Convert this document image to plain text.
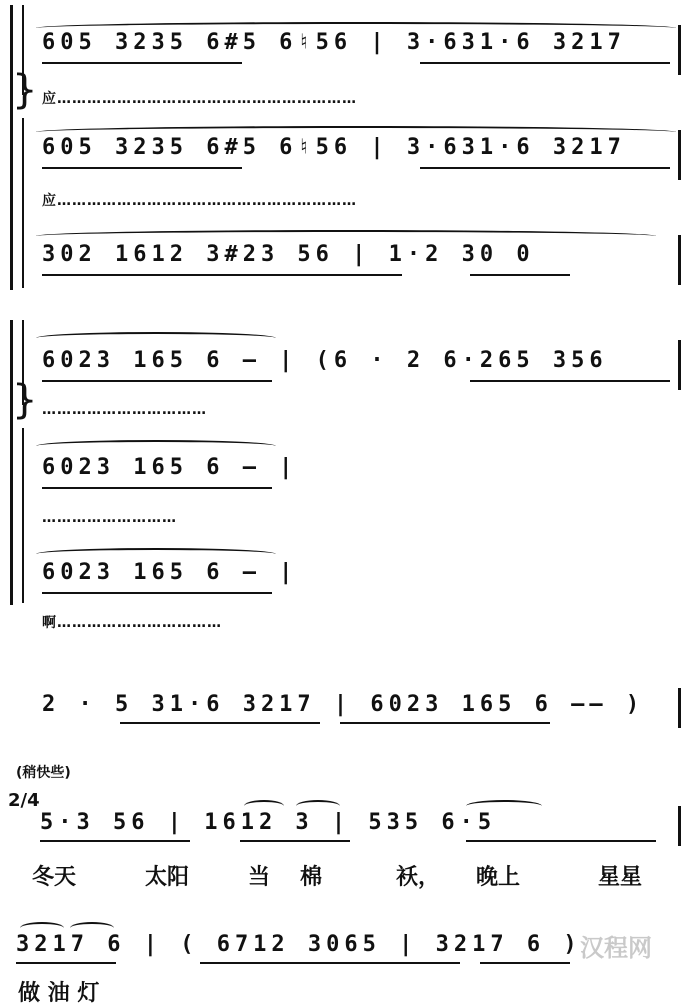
}
605 3235 6#5 6♮56 | 3·631·6 3217
应……………………………………………………
605 3235 6#5 6♮56 | 3·631·6 3217
应……………………………………………………
302 1612 3#23 56 | 1·2 30 0
}
6023 165 6 — | (6 · 2 6·265 356
……………………………
6023 165 6 — |
………………………
6023 165 6 — |
啊……………………………
2 · 5 31·6 3217 | 6023 165 6 —— )
(稍快些)
2/4
5·3 56 | 1612 3 | 535 6·5
冬天	太阳	当 棉	袄， 晚上	星星
3217 6 | ( 6712 3065 | 3217 6 )
做 油 灯
汉程网
